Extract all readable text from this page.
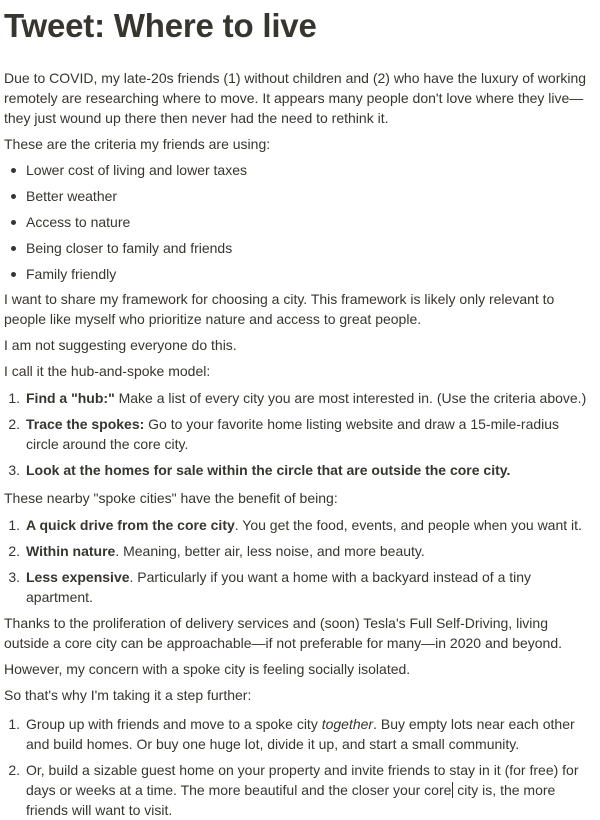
Tweet: Where to live

Due to COVID, my late-20s friends (1) without children and (2) who have the luxury of working remotely are researching where to move. It appears many people don't love where they live—they just wound up there then never had the need to rethink it.

These are the criteria my friends are using:

Lower cost of living and lower taxes
Better weather
Access to nature
Being closer to family and friends
Family friendly

I want to share my framework for choosing a city. This framework is likely only relevant to people like myself who prioritize nature and access to great people.

I am not suggesting everyone do this.

I call it the hub-and-spoke model:

1. Find a "hub:" Make a list of every city you are most interested in. (Use the criteria above.)
2. Trace the spokes: Go to your favorite home listing website and draw a 15-mile-radius circle around the core city.
3. Look at the homes for sale within the circle that are outside the core city.

These nearby "spoke cities" have the benefit of being:

1. A quick drive from the core city. You get the food, events, and people when you want it.
2. Within nature. Meaning, better air, less noise, and more beauty.
3. Less expensive. Particularly if you want a home with a backyard instead of a tiny apartment.

Thanks to the proliferation of delivery services and (soon) Tesla's Full Self-Driving, living outside a core city can be approachable—if not preferable for many—in 2020 and beyond.

However, my concern with a spoke city is feeling socially isolated.

So that's why I'm taking it a step further:

1. Group up with friends and move to a spoke city together. Buy empty lots near each other and build homes. Or buy one huge lot, divide it up, and start a small community.
2. Or, build a sizable guest home on your property and invite friends to stay in it (for free) for days or weeks at a time. The more beautiful and the closer your core city is, the more friends will want to visit.
